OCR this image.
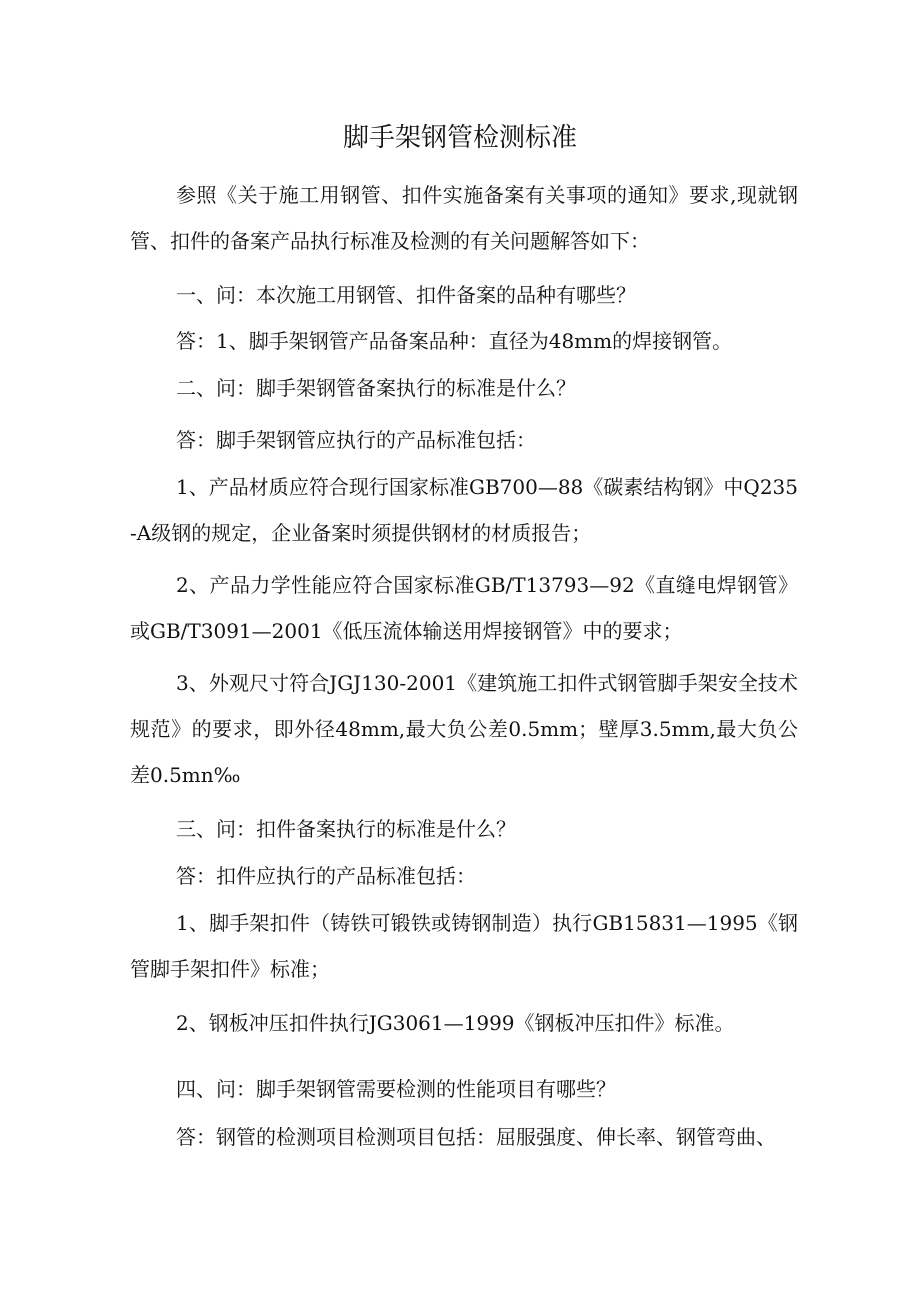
脚手架钢管检测标准

参照《关于施工用钢管、扣件实施备案有关事项的通知》要求,现就钢管、扣件的备案产品执行标准及检测的有关问题解答如下：

一、问：本次施工用钢管、扣件备案的品种有哪些？

答：1、脚手架钢管产品备案品种：直径为48mm的焊接钢管。

二、问：脚手架钢管备案执行的标准是什么？

答：脚手架钢管应执行的产品标准包括：

1、产品材质应符合现行国家标准GB700—88《碳素结构钢》中Q235-A级钢的规定，企业备案时须提供钢材的材质报告；

2、产品力学性能应符合国家标准GB/T13793—92《直缝电焊钢管》或GB/T3091—2001《低压流体输送用焊接钢管》中的要求；

3、外观尺寸符合JGJ130-2001《建筑施工扣件式钢管脚手架安全技术规范》的要求，即外径48mm,最大负公差0.5mm；壁厚3.5mm,最大负公差0.5mn‰

三、问：扣件备案执行的标准是什么？

答：扣件应执行的产品标准包括：

1、脚手架扣件（铸铁可锻铁或铸钢制造）执行GB15831—1995《钢管脚手架扣件》标准；

2、钢板冲压扣件执行JG3061—1999《钢板冲压扣件》标准。

四、问：脚手架钢管需要检测的性能项目有哪些？

答：钢管的检测项目检测项目包括：屈服强度、伸长率、钢管弯曲、
